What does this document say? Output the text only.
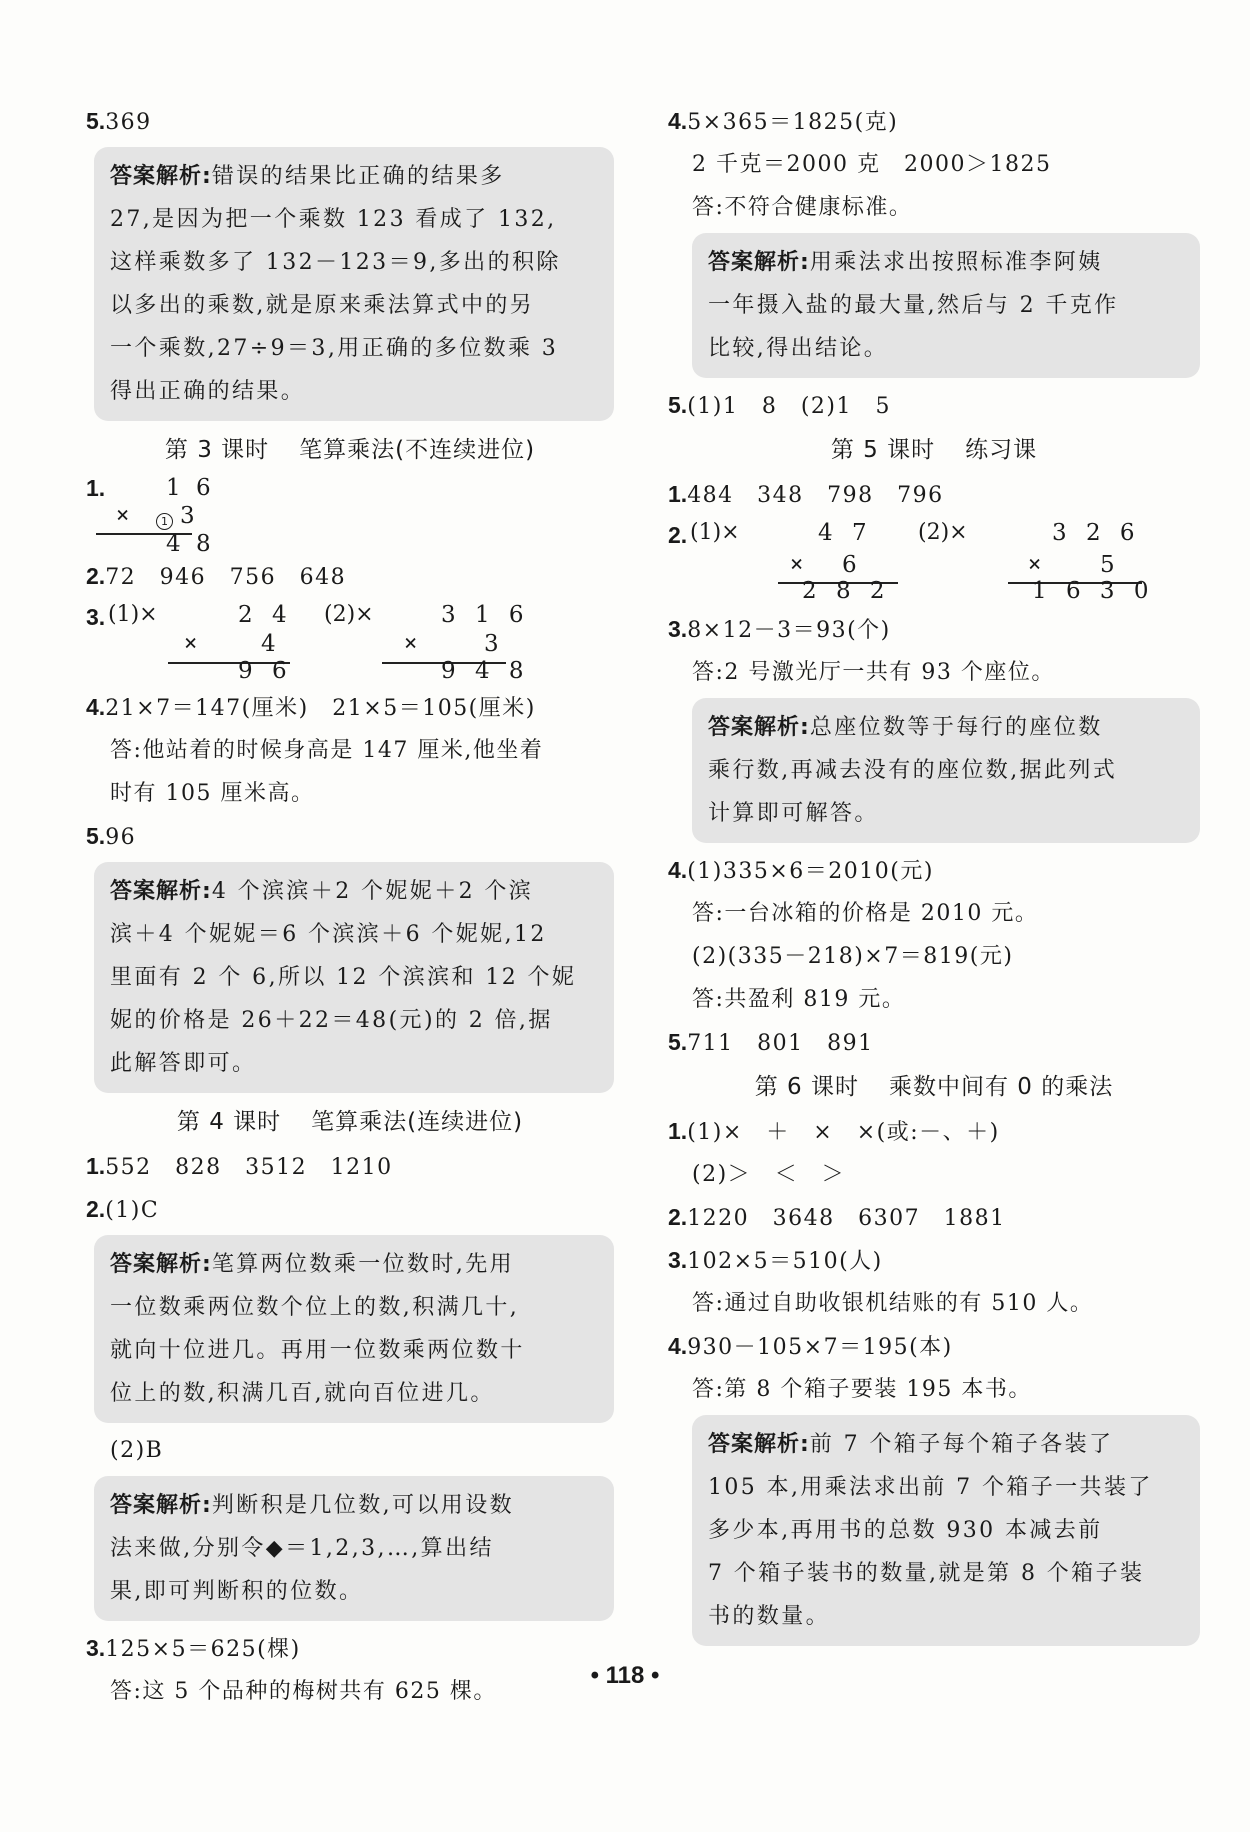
5.369
答案解析:错误的结果比正确的结果多
27,是因为把一个乘数 123 看成了 132,
这样乘数多了 132－123＝9,多出的积除
以多出的乘数,就是原来乘法算式中的另
一个乘数,27÷9＝3,用正确的多位数乘 3
得出正确的结果。
第 3 课时 笔算乘法(不连续进位)
1.	1 6
×	1 3
4 8
2.72　946　756　648
3. (1)×	2 4
×	4
9 6
(2)×	3 1 6
×	3
9 4 8
4.21×7＝147(厘米)　21×5＝105(厘米)
答:他站着的时候身高是 147 厘米,他坐着
时有 105 厘米高。
5.96
答案解析:4 个滨滨＋2 个妮妮＋2 个滨
滨＋4 个妮妮＝6 个滨滨＋6 个妮妮,12
里面有 2 个 6,所以 12 个滨滨和 12 个妮
妮的价格是 26＋22＝48(元)的 2 倍,据
此解答即可。
第 4 课时 笔算乘法(连续进位)
1.552　828　3512　1210
2.(1)C
答案解析:笔算两位数乘一位数时,先用
一位数乘两位数个位上的数,积满几十,
就向十位进几。再用一位数乘两位数十
位上的数,积满几百,就向百位进几。
(2)B
答案解析:判断积是几位数,可以用设数
法来做,分别令◆＝1,2,3,…,算出结
果,即可判断积的位数。
3.125×5＝625(棵)
答:这 5 个品种的梅树共有 625 棵。
4.5×365＝1825(克)
2 千克＝2000 克　2000＞1825
答:不符合健康标准。
答案解析:用乘法求出按照标准李阿姨
一年摄入盐的最大量,然后与 2 千克作
比较,得出结论。
5.(1)1　8　(2)1　5
第 5 课时 练习课
1.484　348　798　796
2. (1)×	4 7
× 6
2 8 2
(2)×	3 2 6
×	5
1 6 3 0
3.8×12－3＝93(个)
答:2 号激光厅一共有 93 个座位。
答案解析:总座位数等于每行的座位数
乘行数,再减去没有的座位数,据此列式
计算即可解答。
4.(1)335×6＝2010(元)
答:一台冰箱的价格是 2010 元。
(2)(335－218)×7＝819(元)
答:共盈利 819 元。
5.711　801　891
第 6 课时 乘数中间有 0 的乘法
1.(1)×　＋　×　×(或:－、＋)
(2)＞　＜　＞
2.1220　3648　6307　1881
3.102×5＝510(人)
答:通过自助收银机结账的有 510 人。
4.930－105×7＝195(本)
答:第 8 个箱子要装 195 本书。
答案解析:前 7 个箱子每个箱子各装了
105 本,用乘法求出前 7 个箱子一共装了
多少本,再用书的总数 930 本减去前
7 个箱子装书的数量,就是第 8 个箱子装
书的数量。
• 118 •
